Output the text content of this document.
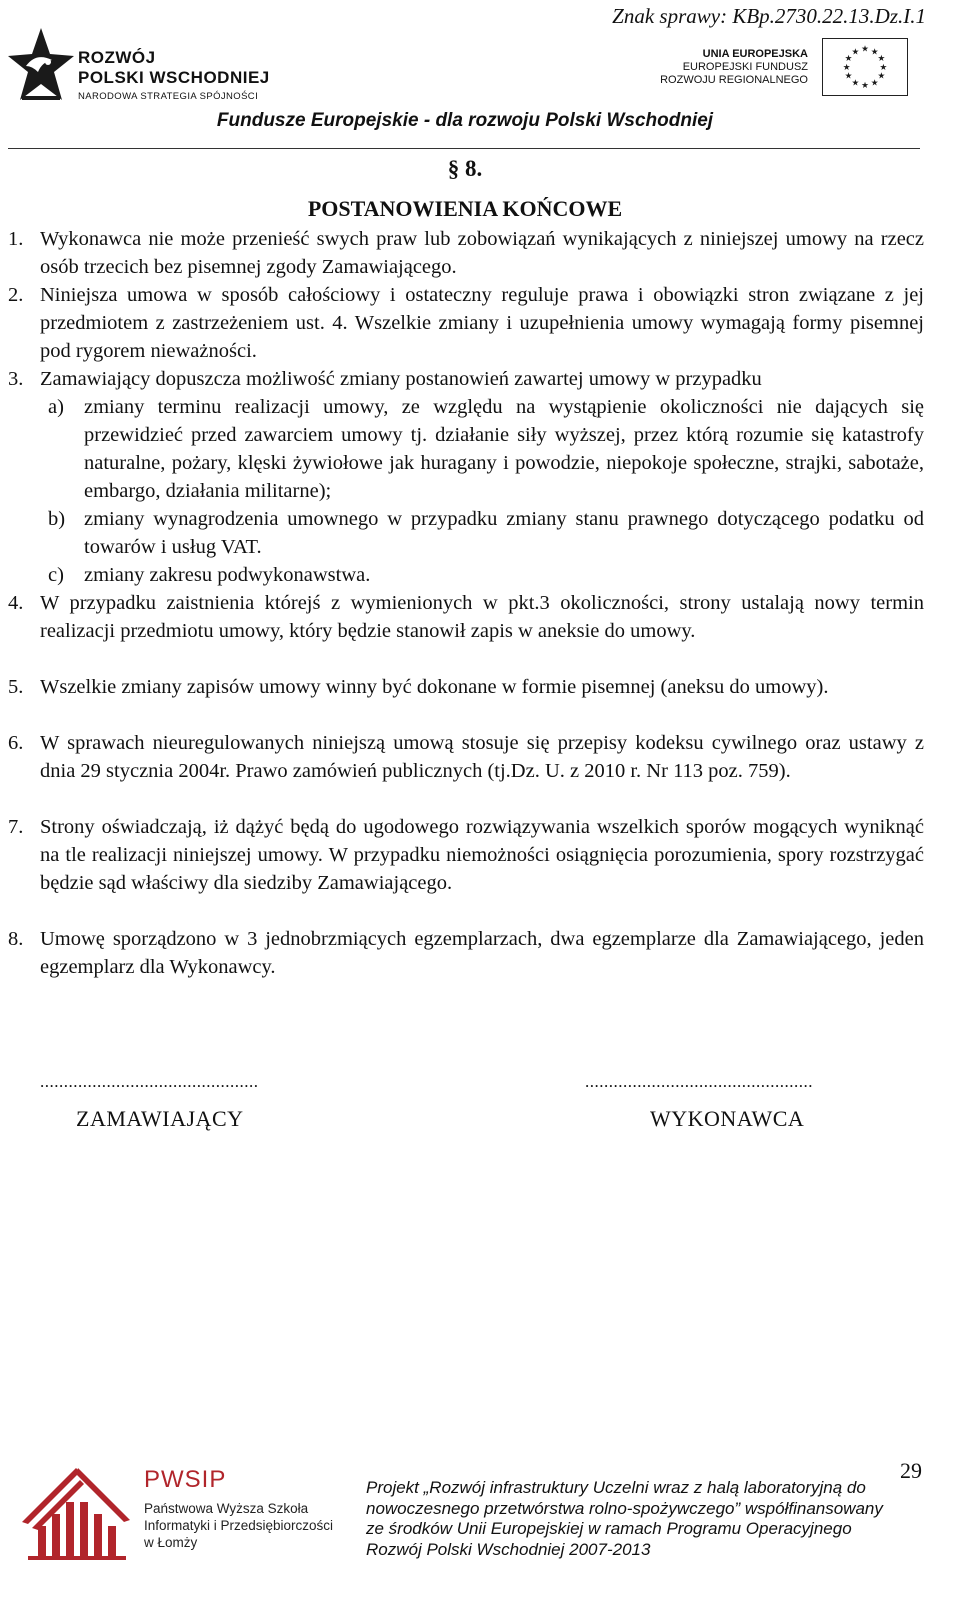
Znak sprawy: KBp.2730.22.13.Dz.I.1
ROZWÓJ
POLSKI WSCHODNIEJ
NARODOWA STRATEGIA SPÓJNOŚCI
UNIA EUROPEJSKA
EUROPEJSKI FUNDUSZ
ROZWOJU REGIONALNEGO
★ ★
★
★
★
★
★
★
★
★
★
★
Fundusze Europejskie - dla rozwoju Polski Wschodniej
§ 8.
POSTANOWIENIA KOŃCOWE
1. Wykonawca nie może przenieść swych praw lub zobowiązań wynikających z niniejszej umowy na rzecz osób trzecich bez pisemnej zgody Zamawiającego.
2. Niniejsza umowa w sposób całościowy i ostateczny reguluje prawa i obowiązki stron związane z jej przedmiotem z zastrzeżeniem ust. 4. Wszelkie zmiany i uzupełnienia umowy wymagają formy pisemnej pod rygorem nieważności.
3. Zamawiający dopuszcza możliwość zmiany postanowień zawartej umowy w przypadku
a) zmiany terminu realizacji umowy, ze względu na wystąpienie okoliczności nie dających się przewidzieć przed zawarciem umowy tj. działanie siły wyższej, przez którą rozumie się katastrofy naturalne, pożary, klęski żywiołowe jak huragany i powodzie, niepokoje społeczne, strajki, sabotaże, embargo, działania militarne);
b) zmiany wynagrodzenia umownego w przypadku zmiany stanu prawnego dotyczącego podatku od towarów i usług VAT.
c) zmiany zakresu podwykonawstwa.
4. W przypadku zaistnienia którejś z wymienionych w pkt.3 okoliczności, strony ustalają nowy termin realizacji przedmiotu umowy, który będzie stanowił zapis w aneksie do umowy.
5. Wszelkie zmiany zapisów umowy winny być dokonane w formie pisemnej (aneksu do umowy).
6. W sprawach nieuregulowanych niniejszą umową stosuje się przepisy kodeksu cywilnego oraz ustawy z dnia 29 stycznia 2004r. Prawo zamówień publicznych (tj.Dz. U. z 2010 r. Nr 113 poz. 759).
7. Strony oświadczają, iż dążyć będą do ugodowego rozwiązywania wszelkich sporów mogących wyniknąć na tle realizacji niniejszej umowy. W przypadku niemożności osiągnięcia porozumienia, spory rozstrzygać będzie sąd właściwy dla siedziby Zamawiającego.
8. Umowę sporządzono w 3 jednobrzmiących egzemplarzach, dwa egzemplarze dla Zamawiającego, jeden egzemplarz dla Wykonawcy.
..............................................	................................................
ZAMAWIAJĄCY	WYKONAWCA
29
PWSIP
Państwowa Wyższa Szkoła
Informatyki i Przedsiębiorczości
w Łomży
Projekt „Rozwój infrastruktury Uczelni wraz z halą laboratoryjną do
nowoczesnego przetwórstwa rolno-spożywczego” współfinansowany
ze środków Unii Europejskiej w ramach Programu Operacyjnego
Rozwój Polski Wschodniej 2007-2013
